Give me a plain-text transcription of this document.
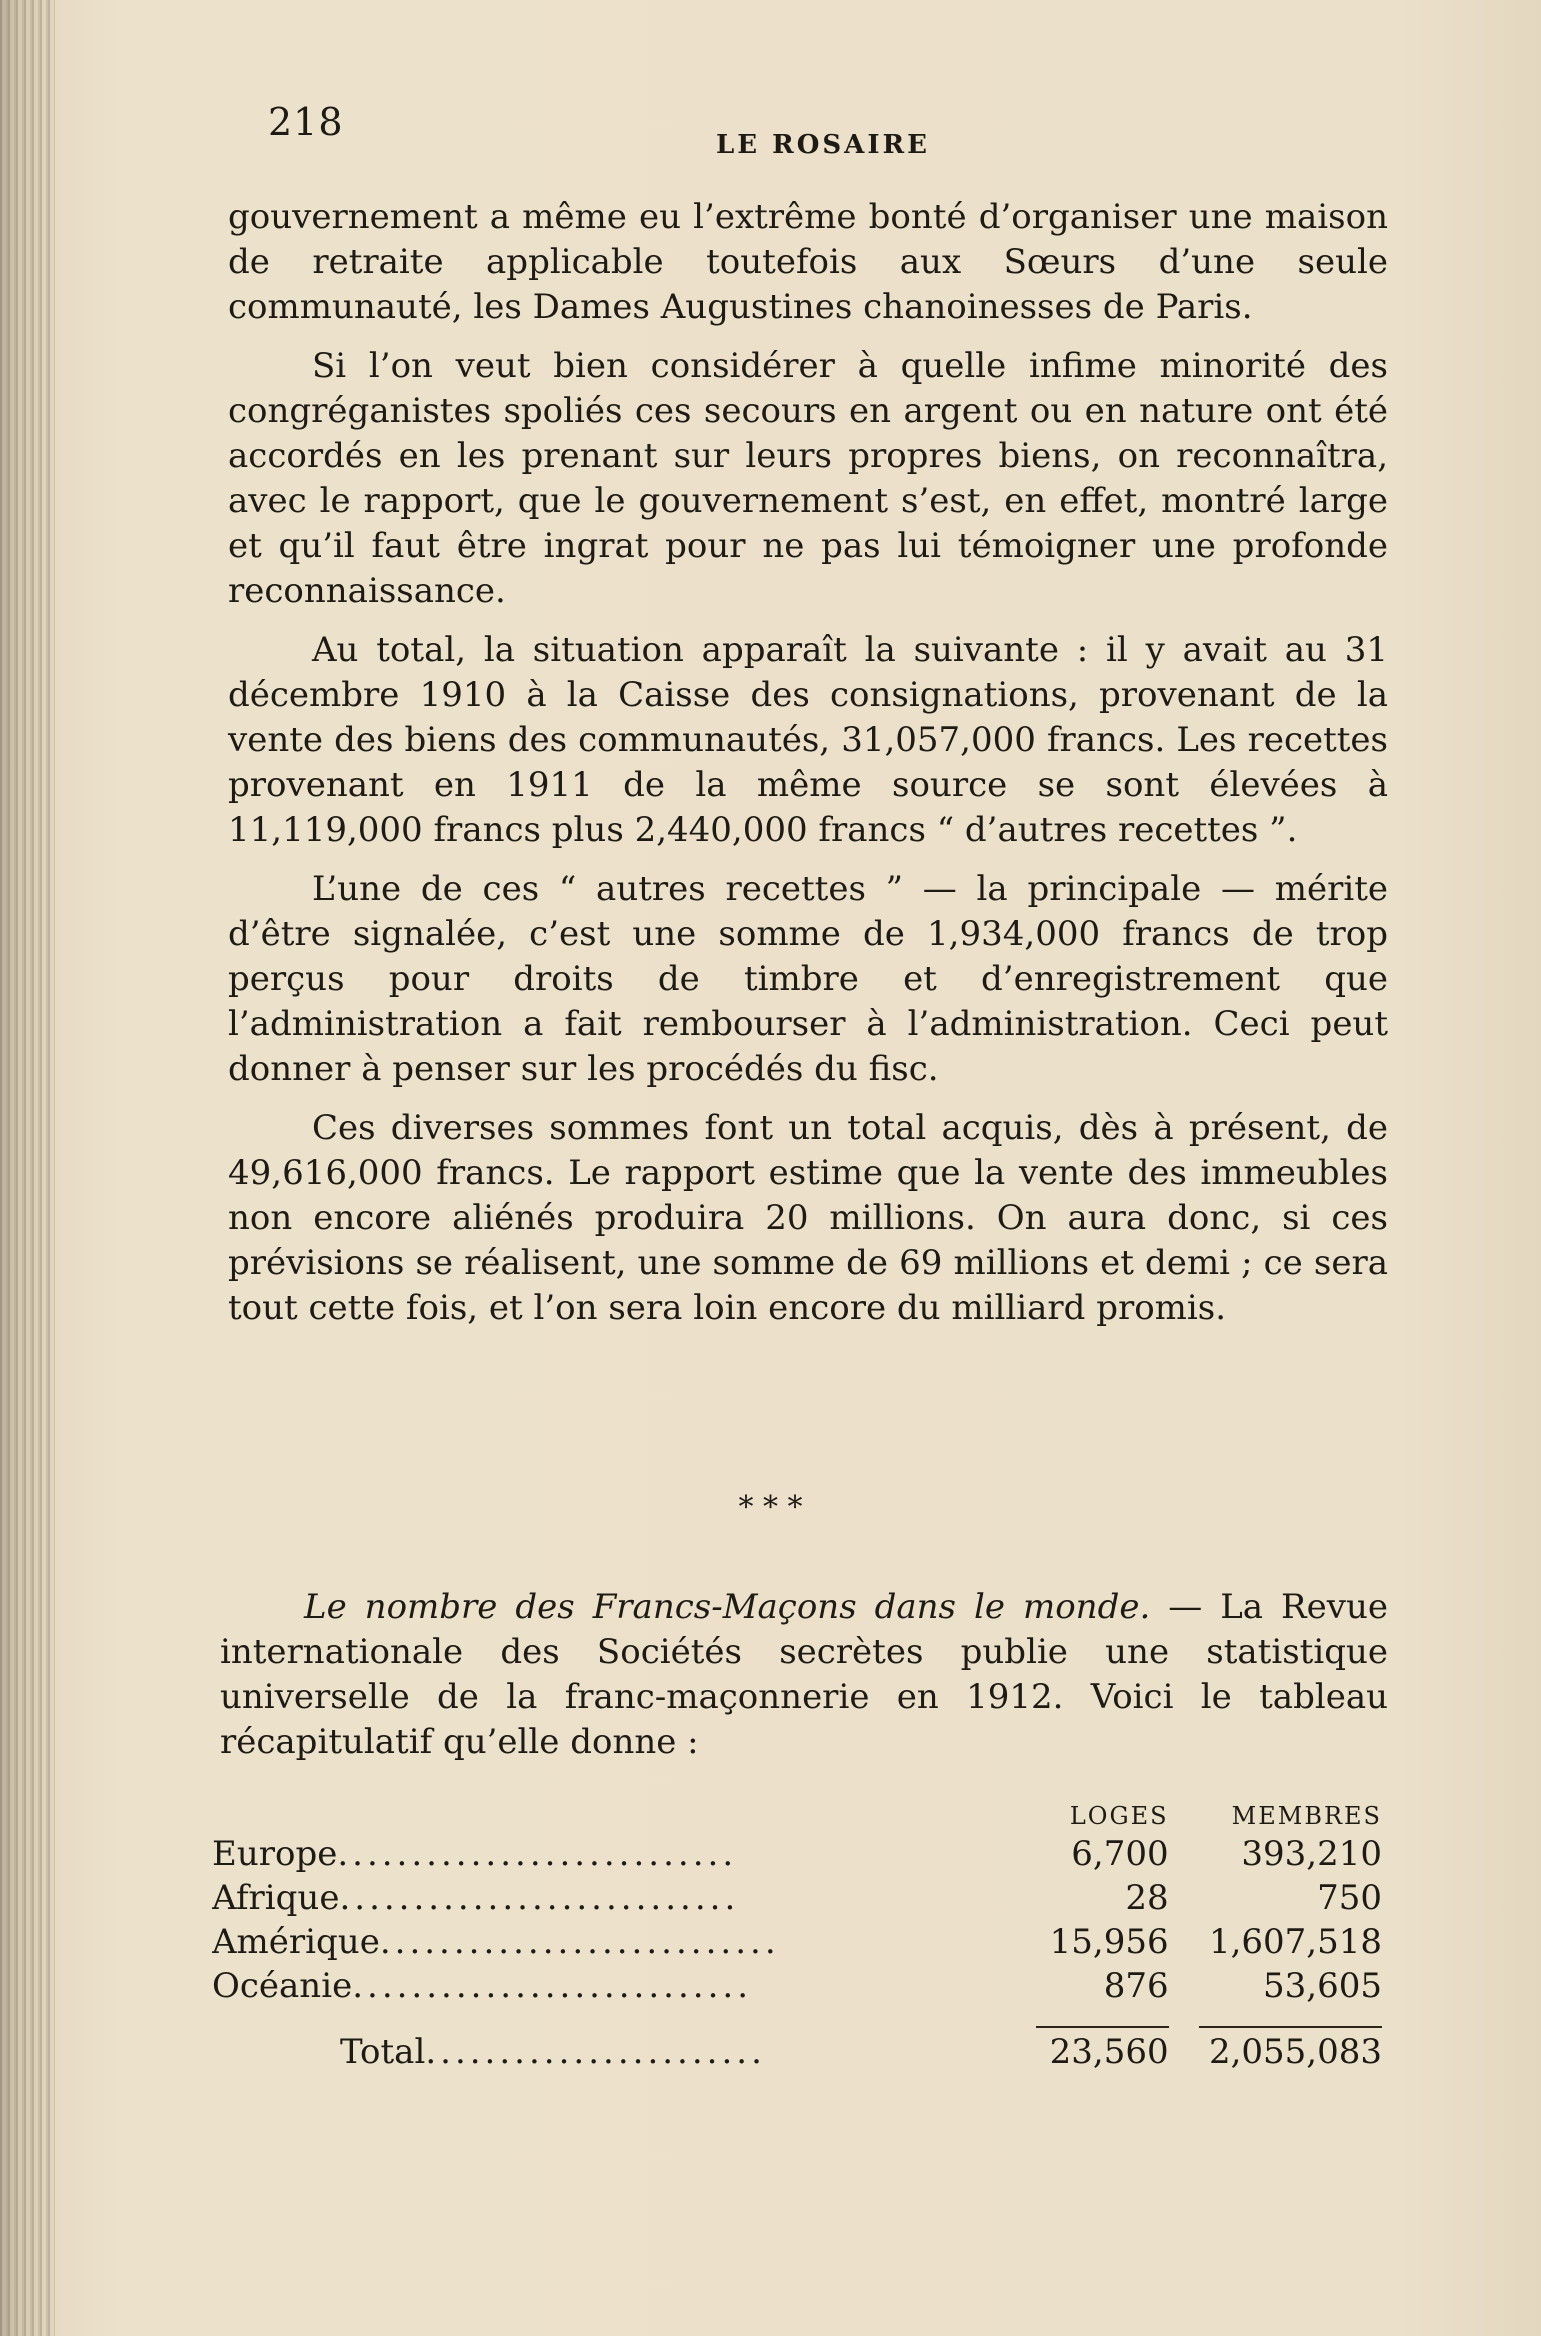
218
LE ROSAIRE

gouvernement a même eu l’extrême bonté d’organiser une maison de retraite applicable toutefois aux Sœurs d’une seule communauté, les Dames Augustines chanoinesses de Paris.

Si l’on veut bien considérer à quelle infime minorité des congréganistes spoliés ces secours en argent ou en nature ont été accordés en les prenant sur leurs propres biens, on reconnaîtra, avec le rapport, que le gouvernement s’est, en effet, montré large et qu’il faut être ingrat pour ne pas lui témoigner une profonde reconnaissance.

Au total, la situation apparaît la suivante : il y avait au 31 décembre 1910 à la Caisse des consignations, provenant de la vente des biens des communautés, 31,057,000 francs. Les recettes provenant en 1911 de la même source se sont élevées à 11,119,000 francs plus 2,440,000 francs “ d’autres recettes ”.

L’une de ces “ autres recettes ” — la principale — mérite d’être signalée, c’est une somme de 1,934,000 francs de trop perçus pour droits de timbre et d’enregistrement que l’administration a fait rembourser à l’administration. Ceci peut donner à penser sur les procédés du fisc.

Ces diverses sommes font un total acquis, dès à présent, de 49,616,000 francs. Le rapport estime que la vente des immeubles non encore aliénés produira 20 millions. On aura donc, si ces prévisions se réalisent, une somme de 69 millions et demi ; ce sera tout cette fois, et l’on sera loin encore du milliard promis.

* * *

Le nombre des Francs-Maçons dans le monde. — La Revue internationale des Sociétés secrètes publie une statistique universelle de la franc-maçonnerie en 1912. Voici le tableau récapitulatif qu’elle donne :

	LOGES	MEMBRES
Europe...........................	6,700	393,210
Afrique...........................	28	750
Amérique...........................	15,956	1,607,518
Océanie...........................	876	53,605

Total.......................	23,560	2,055,083
